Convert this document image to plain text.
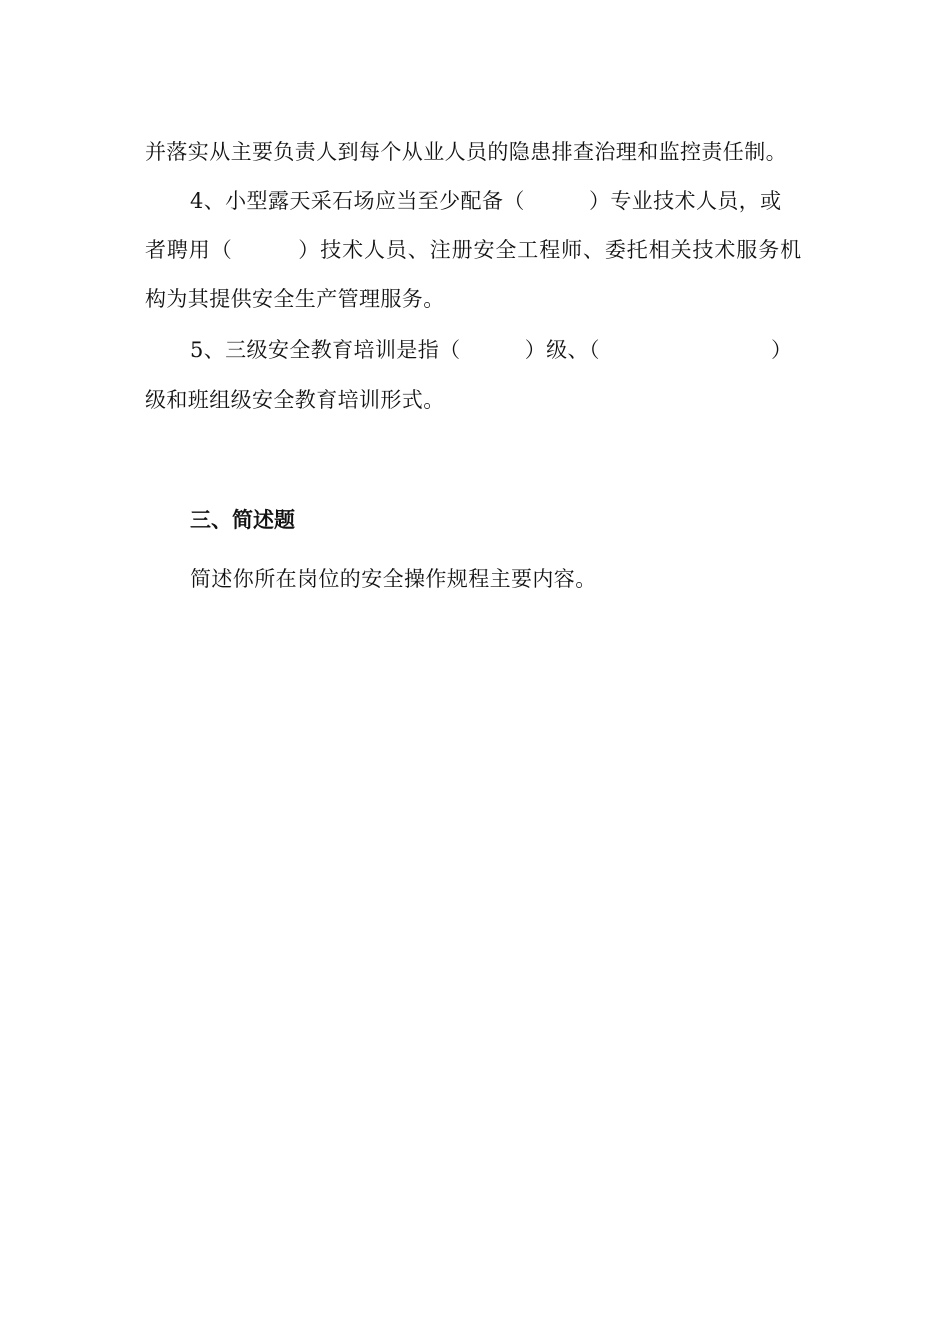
并落实从主要负责人到每个从业人员的隐患排查治理和监控责任制。
4、小型露天采石场应当至少配备（　　　）专业技术人员，或
者聘用（　　　）技术人员、注册安全工程师、委托相关技术服务机
构为其提供安全生产管理服务。
5、三级安全教育培训是指（　　　）级、（　　　　　　　　）
级和班组级安全教育培训形式。
三、简述题
简述你所在岗位的安全操作规程主要内容。
